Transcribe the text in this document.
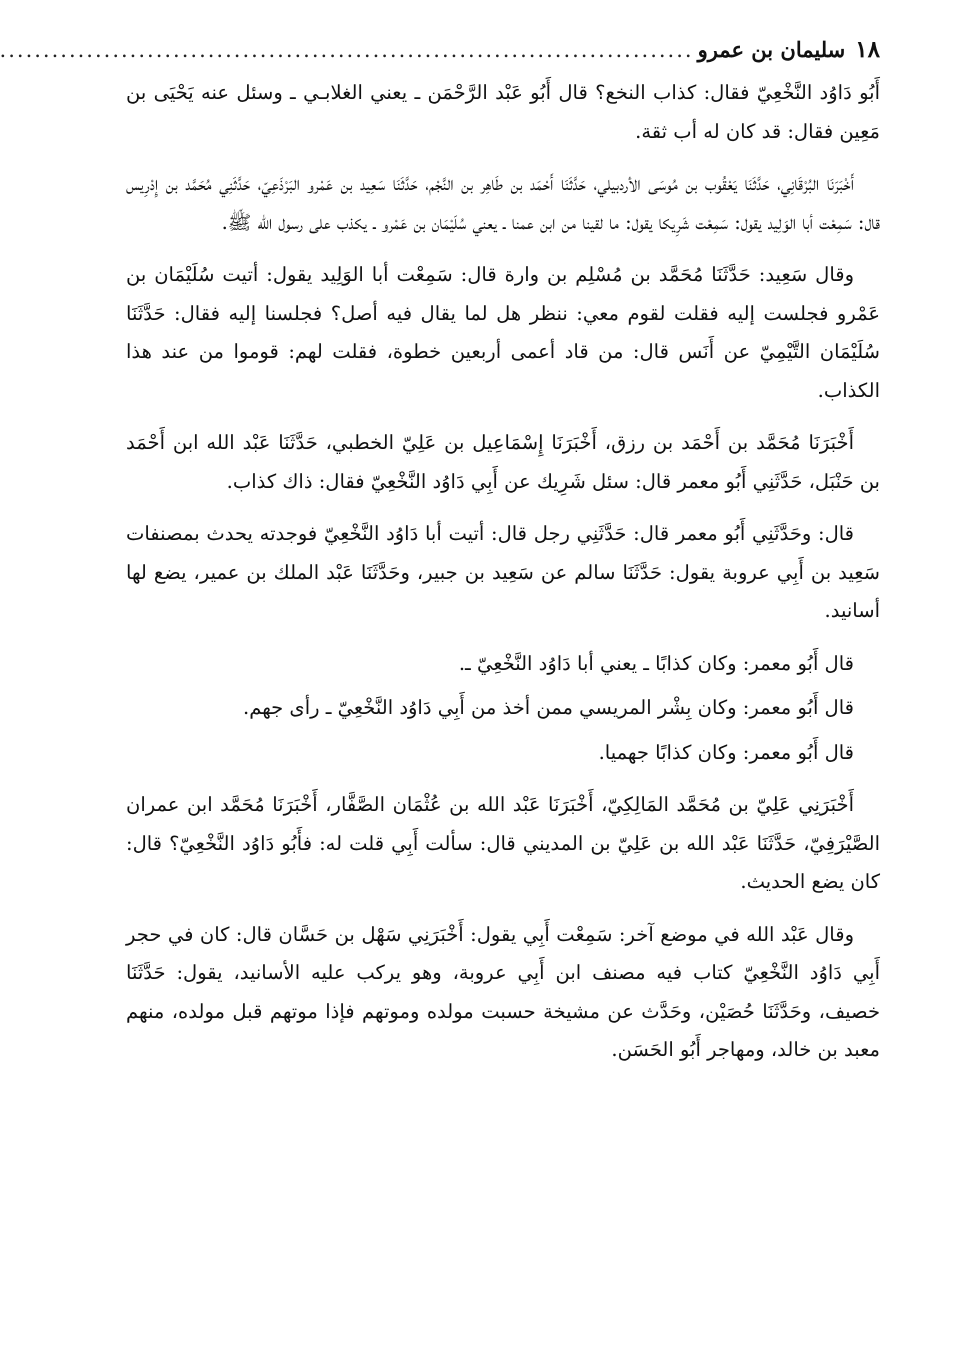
١٨
سليمان بن عمرو
................................................................................

أَبُو دَاوُد النَّخْعِيّ فقال: كذاب النخع؟ قال أَبُو عَبْد الرَّحْمَن ـ يعني الغلابـي ـ وسئل عنه يَحْيَى بن مَعِين فقال: قد كان له أب ثقة.

أَخْبَرَنَا البُرْقَانِي، حَدَّثَنَا يَعْقُوب بن مُوسَى الأردبيلي، حَدَّثَنَا أَحْمَد بن طَاهِر بن النَّجْم، حَدَّثَنَا سَعِيد بن عَمْرو البَرْذَعِيّ، حَدَّثَنِي مُحَمَّد بن إِدْرِيس قال: سَمِعْت أبا الوَلِيد يقول: سَمِعْت شَرِيكا يقول: ما لقينا من ابن عمنا ـ يعني سُلَيْمَان بن عَمْرو ـ يكذب على رسول الله ﷺ.

وقال سَعِيد: حَدَّثَنَا مُحَمَّد بن مُسْلِم بن وارة قال: سَمِعْت أبا الوَلِيد يقول: أتيت سُلَيْمَان بن عَمْرو فجلست إليه فقلت لقوم معي: ننظر هل لما يقال فيه أصل؟ فجلسنا إليه فقال: حَدَّثَنَا سُلَيْمَان التَّيْمِيّ عن أَنَس قال: من قاد أعمى أربعين خطوة، فقلت لهم: قوموا من عند هذا الكذاب.

أَخْبَرَنَا مُحَمَّد بن أَحْمَد بن رزق، أَخْبَرَنَا إِسْمَاعِيل بن عَلِيّ الخطبي، حَدَّثَنَا عَبْد الله ابن أَحْمَد بن حَنْبَل، حَدَّثَنِي أَبُو معمر قال: سئل شَرِيك عن أَبِي دَاوُد النَّخْعِيّ فقال: ذاك كذاب.

قال: وحَدَّثَنِي أَبُو معمر قال: حَدَّثَنِي رجل قال: أتيت أبا دَاوُد النَّخْعِيّ فوجدته يحدث بمصنفات سَعِيد بن أَبِي عروبة يقول: حَدَّثَنَا سالم عن سَعِيد بن جبير، وحَدَّثَنَا عَبْد الملك بن عمير، يضع لها أسانيد.

قال أَبُو معمر: وكان كذابًا ـ يعني أبا دَاوُد النَّخْعِيّ ـ.

قال أَبُو معمر: وكان بِشْر المريسي ممن أخذ من أَبِي دَاوُد النَّخْعِيّ ـ رأى جهم.

قال أَبُو معمر: وكان كذابًا جهميا.

أَخْبَرَنِي عَلِيّ بن مُحَمَّد المَالِكِيّ، أَخْبَرَنَا عَبْد الله بن عُثْمَان الصَّفَّار، أَخْبَرَنَا مُحَمَّد ابن عمران الصَّيْرَفِيّ، حَدَّثَنَا عَبْد الله بن عَلِيّ بن المديني قال: سألت أَبِي قلت له: فأَبُو دَاوُد النَّخْعِيّ؟ قال: كان يضع الحديث.

وقال عَبْد الله في موضع آخر: سَمِعْت أَبِي يقول: أَخْبَرَنِي سَهْل بن حَسَّان قال: كان في حجر أَبِي دَاوُد النَّخْعِيّ كتاب فيه مصنف ابن أَبِي عروبة، وهو يركب عليه الأسانيد، يقول: حَدَّثَنَا خصيف، وحَدَّثَنَا حُصَيْن، وحَدَّث عن مشيخة حسبت مولده وموتهم فإذا موتهم قبل مولده، منهم معبد بن خالد، ومهاجر أَبُو الحَسَن.
